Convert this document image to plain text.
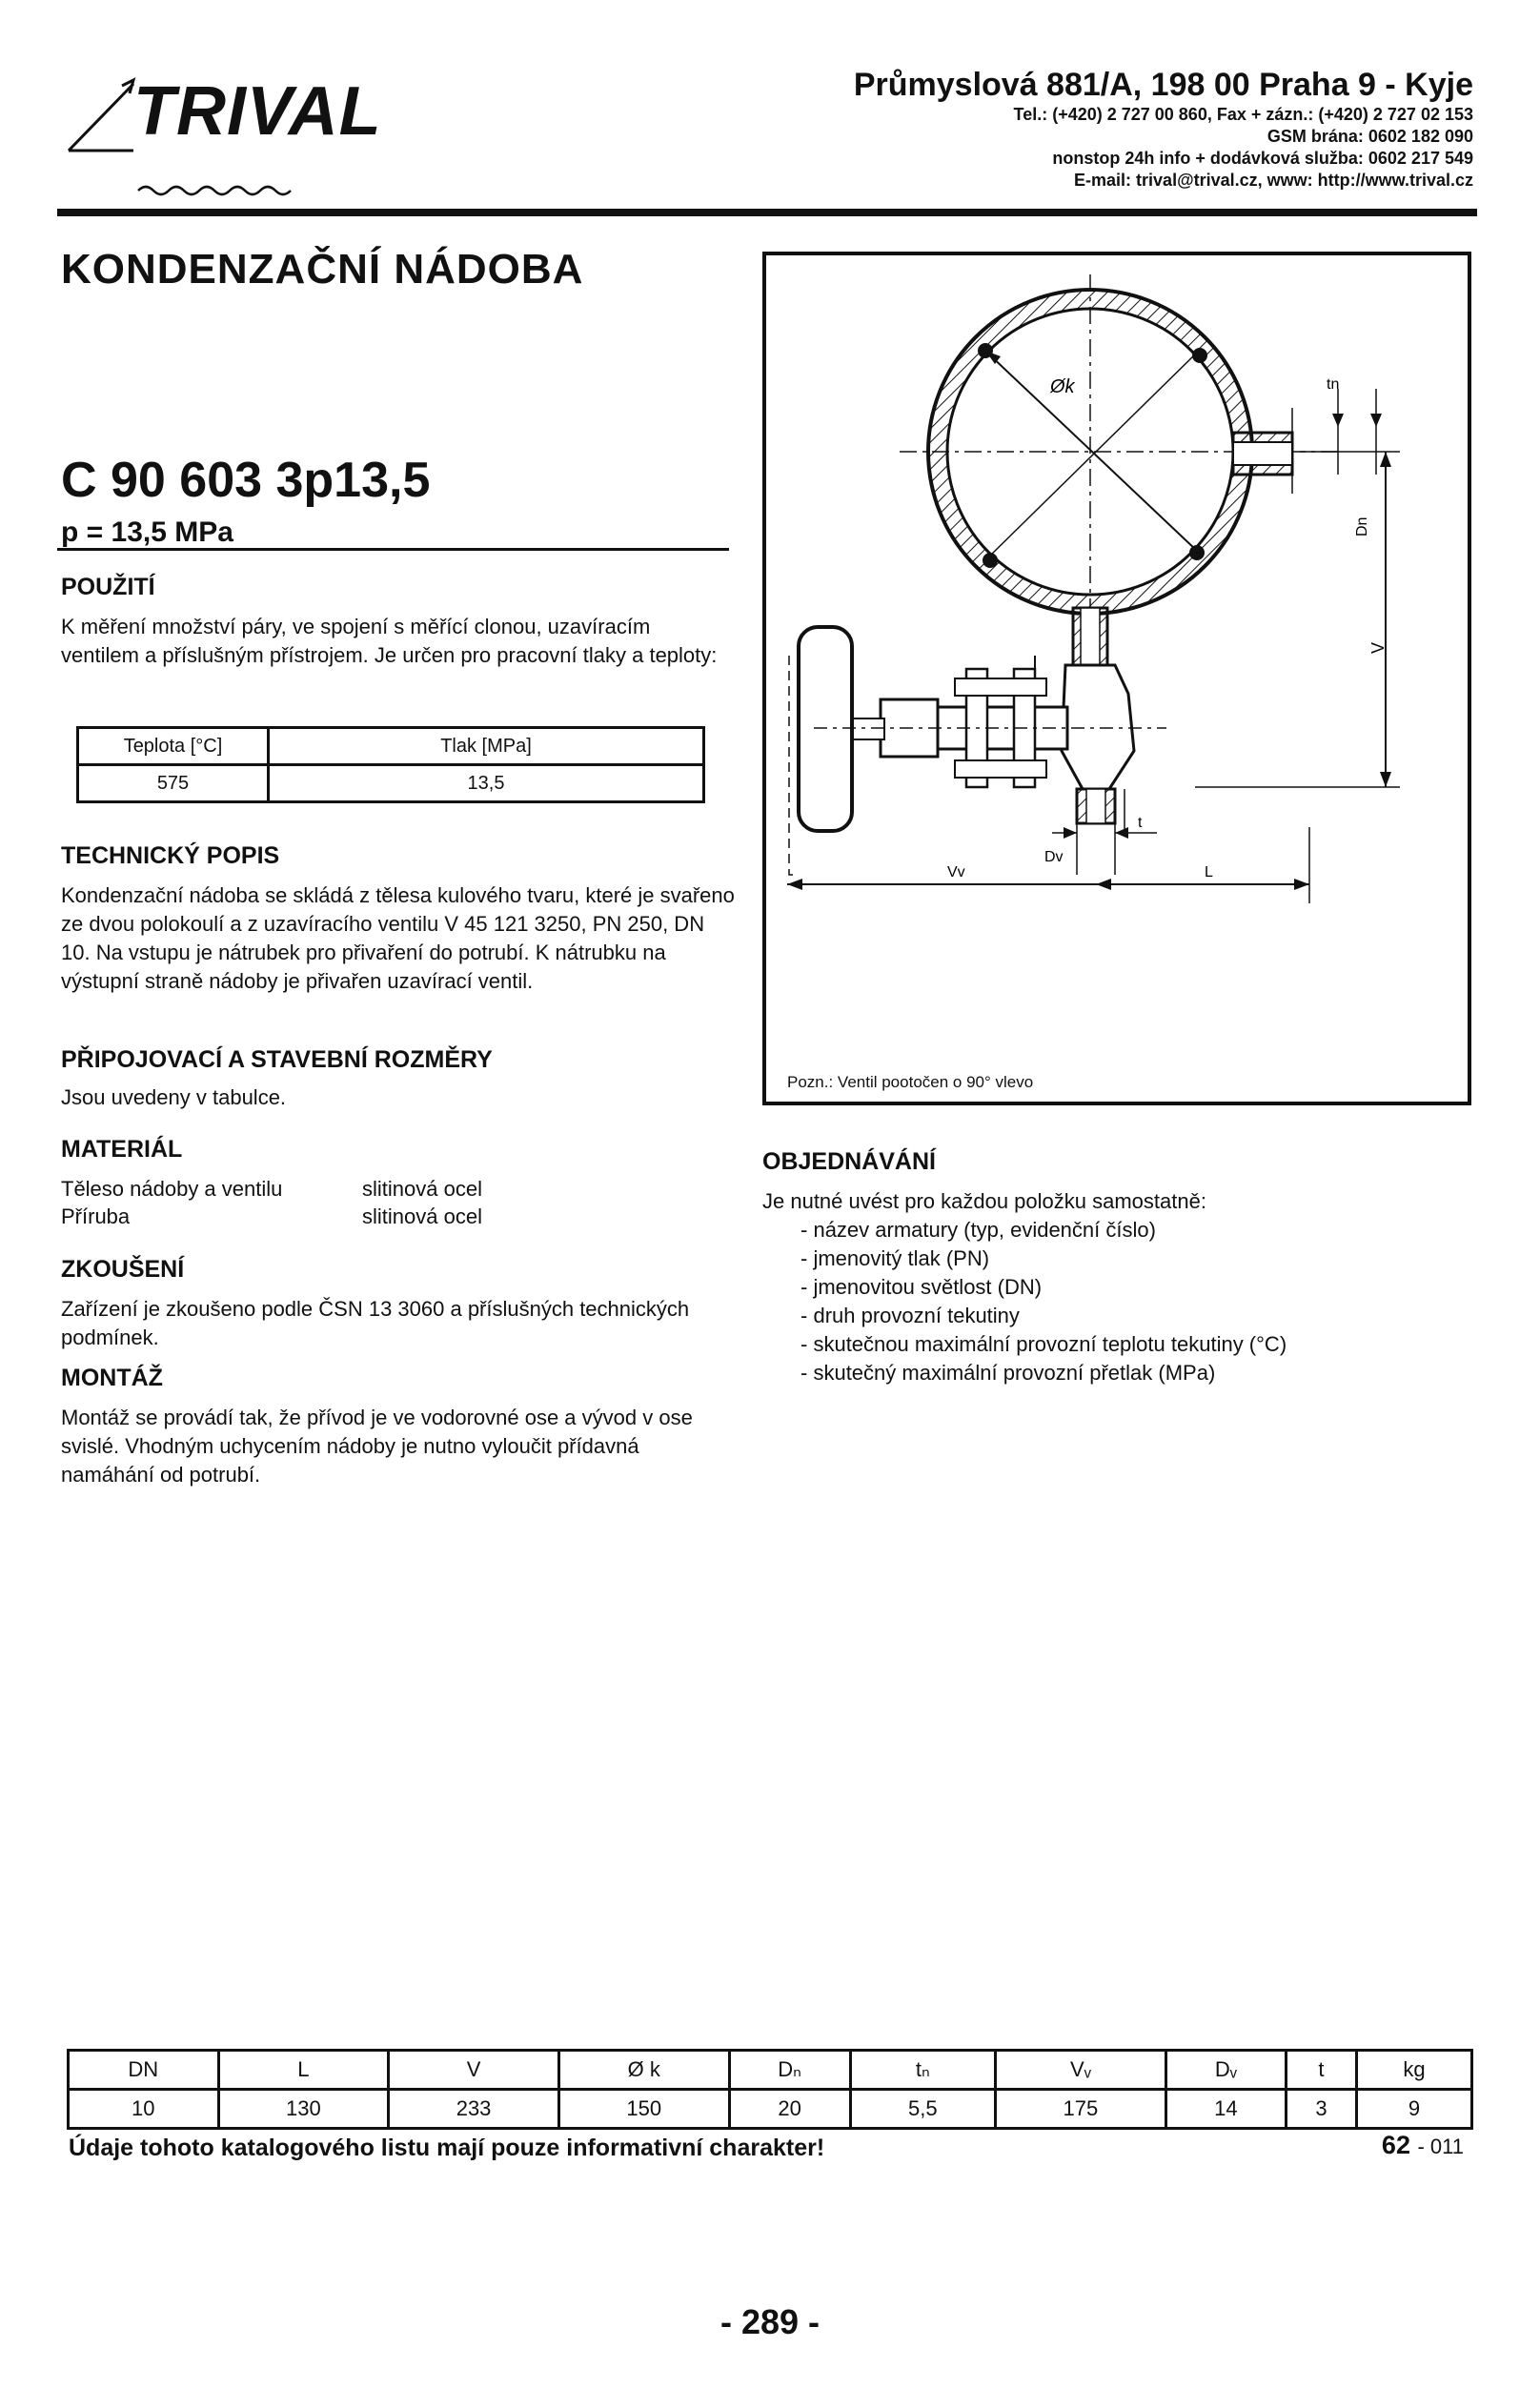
TRIVAL	Průmyslová 881/A, 198 00 Praha 9 - Kyje
Tel.: (+420) 2 727 00 860, Fax + zázn.: (+420) 2 727 02 153
GSM brána: 0602 182 090
nonstop 24h info + dodávková služba: 0602 217 549
E-mail: trival@trival.cz, www: http://www.trival.cz
KONDENZAČNÍ NÁDOBA
C 90 603 3p13,5
p = 13,5 MPa
POUŽITÍ
K měření množství páry, ve spojení s měřící clonou, uzavíracím ventilem a příslušným přístrojem. Je určen pro pracovní tlaky a teploty:
Teplota [°C]	Tlak [MPa]
575	13,5
TECHNICKÝ POPIS
Kondenzační nádoba se skládá z tělesa kulového tvaru, které je svařeno ze dvou polokoulí a z uzavíracího ventilu V 45 121 3250, PN 250, DN 10. Na vstupu je nátrubek pro přivaření do potrubí. K nátrubku na výstupní straně nádoby je přivařen uzavírací ventil.
PŘIPOJOVACÍ A STAVEBNÍ ROZMĚRY
Jsou uvedeny v tabulce.
MATERIÁL
Těleso nádoby a ventilu	slitinová ocel
Příruba	slitinová ocel
ZKOUŠENÍ
Zařízení je zkoušeno podle ČSN 13 3060 a příslušných technických podmínek.
MONTÁŽ
Montáž se provádí tak, že přívod je ve vodorovné ose a vývod v ose svislé. Vhodným uchycením nádoby je nutno vyloučit přídavná namáhání od potrubí.
Øk	tn
Dn
V
t
Dv
Vv	L
Pozn.: Ventil pootočen o 90° vlevo
OBJEDNÁVÁNÍ
Je nutné uvést pro každou položku samostatně:
- název armatury (typ, evidenční číslo)
- jmenovitý tlak (PN)
- jmenovitou světlost (DN)
- druh provozní tekutiny
- skutečnou maximální provozní teplotu tekutiny (°C)
- skutečný maximální provozní přetlak (MPa)
DN	L	V	Ø k	Dₙ	tₙ	Vᵥ	Dᵥ	t	kg
10	130	233	150	20	5,5	175	14	3	9
Údaje tohoto katalogového listu mají pouze informativní charakter!	62 - 011
- 289 -
